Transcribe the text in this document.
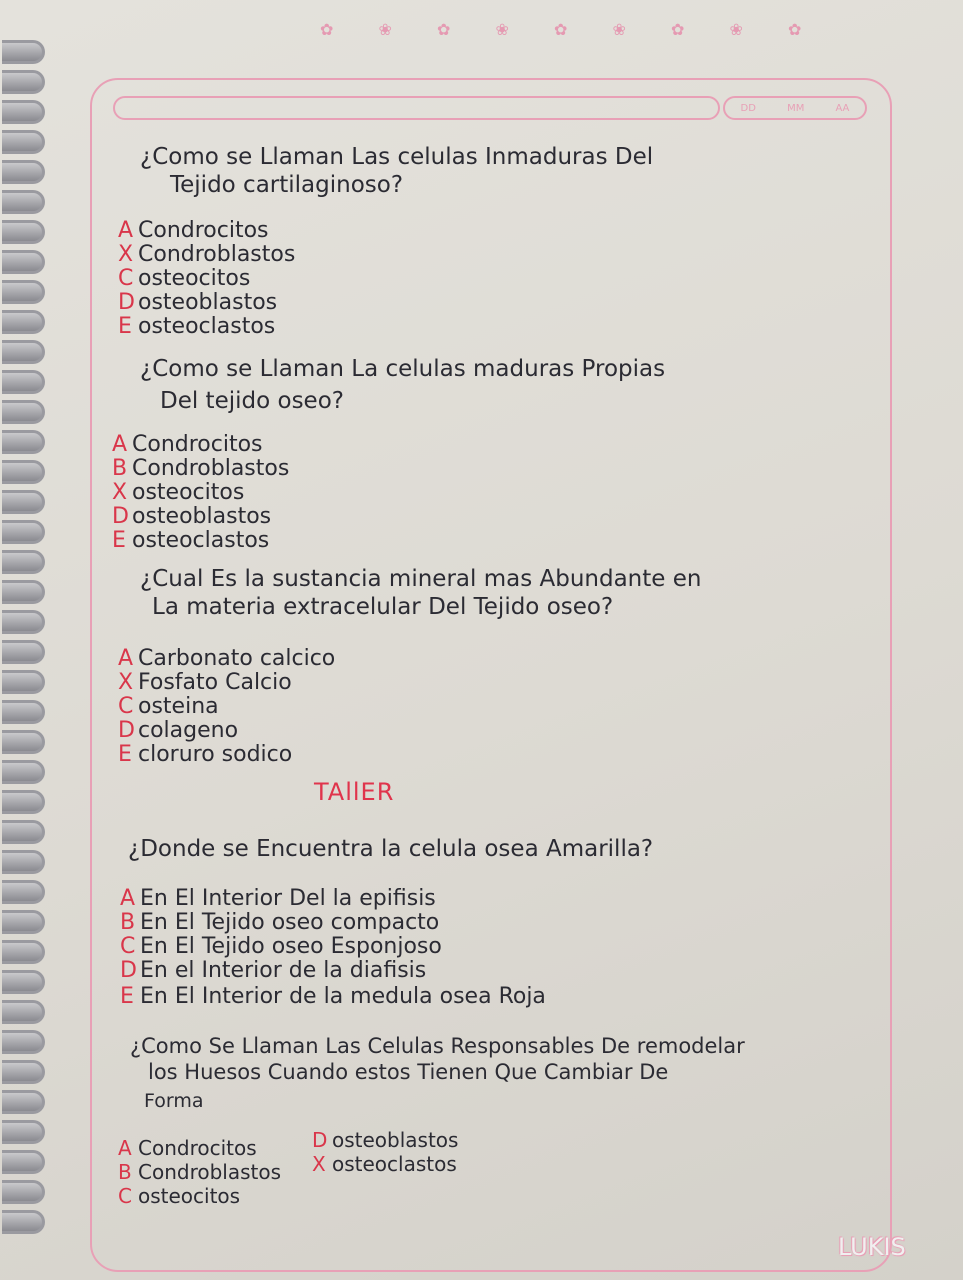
✿ ❀ ✿ ❀ ✿ ❀ ✿ ❀ ✿
DD	MM	AA
¿Como se Llaman Las celulas Inmaduras Del
Tejido cartilaginoso?
A Condrocitos
X Condroblastos
C osteocitos
D osteoblastos
E osteoclastos
¿Como se Llaman La celulas maduras Propias
Del tejido oseo?
A Condrocitos
B Condroblastos
X osteocitos
D osteoblastos
E osteoclastos
¿Cual Es la sustancia mineral mas Abundante en
La materia extracelular Del Tejido oseo?
A Carbonato calcico
X Fosfato Calcio
C osteina
D colageno
E cloruro sodico
TAllER
¿Donde se Encuentra la celula osea Amarilla?
A En El Interior Del la epifisis
B En El Tejido oseo compacto
C En El Tejido oseo Esponjoso
D En el Interior de la diafisis
E En El Interior de la medula osea Roja
¿Como Se Llaman Las Celulas Responsables De remodelar
los Huesos Cuando estos Tienen Que Cambiar De
Forma
A Condrocitos
B Condroblastos
C osteocitos
D osteoblastos
X osteoclastos
LUKIS
